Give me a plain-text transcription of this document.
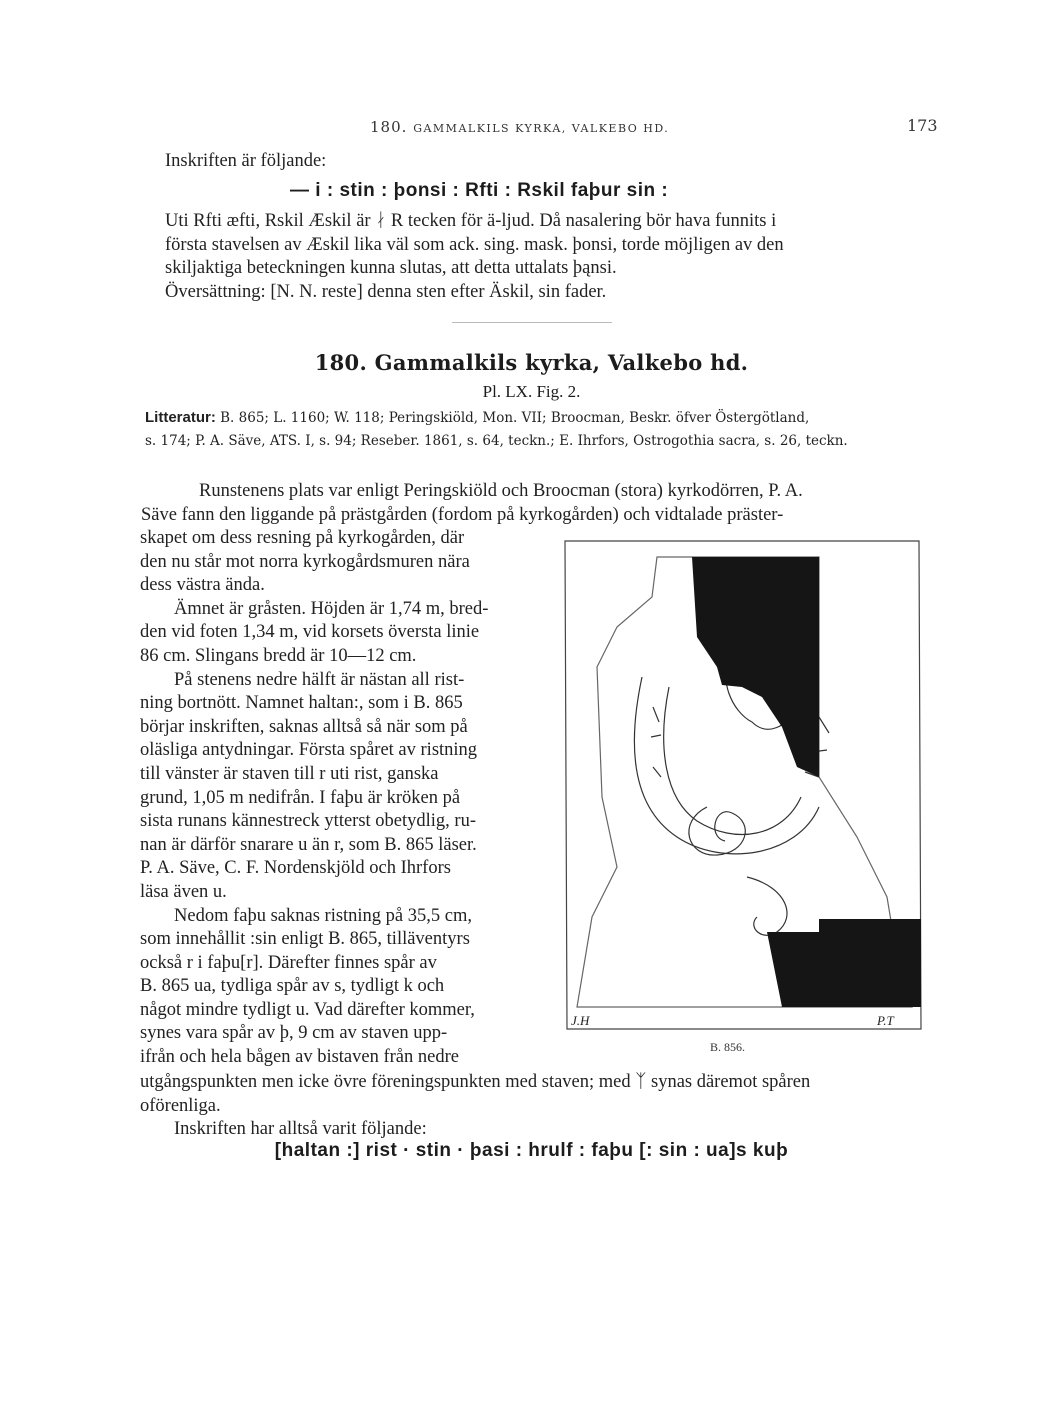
180. GAMMALKILS KYRKA, VALKEBO HD.	173
Inskriften är följande:
— i : stin : þonsi : Rfti : Rskil faþur sin :
Uti Rfti æfti, Rskil Æskil är ᛅ R tecken för ä-ljud. Då nasalering bör hava funnits i
första stavelsen av Æskil lika väl som ack. sing. mask. þonsi, torde möjligen av den
skiljaktiga beteckningen kunna slutas, att detta uttalats þąnsi.
Översättning: [N. N. reste] denna sten efter Äskil, sin fader.
180. Gammalkils kyrka, Valkebo hd.
Pl. LX. Fig. 2.
Litteratur: B. 865; L. 1160; W. 118; Peringskiöld, Mon. VII; Broocman, Beskr. öfver Östergötland,
s. 174; P. A. Säve, ATS. I, s. 94; Reseber. 1861, s. 64, teckn.; E. Ihrfors, Ostrogothia sacra, s. 26, teckn.
Runstenens plats var enligt Peringskiöld och Broocman (stora) kyrkodörren, P. A.
Säve fann den liggande på prästgården (fordom på kyrkogården) och vidtalade präster-
skapet om dess resning på kyrkogården, där
den nu står mot norra kyrkogårdsmuren nära
dess västra ända.
Ämnet är gråsten. Höjden är 1,74 m, bred-
den vid foten 1,34 m, vid korsets översta linie
86 cm. Slingans bredd är 10—12 cm.
På stenens nedre hälft är nästan all rist-
ning bortnött. Namnet haltan:, som i B. 865
börjar inskriften, saknas alltså så när som på
oläsliga antydningar. Första spåret av ristning
till vänster är staven till r uti rist, ganska
grund, 1,05 m nedifrån. I faþu är kröken på
sista runans kännestreck ytterst obetydlig, ru-
nan är därför snarare u än r, som B. 865 läser.
P. A. Säve, C. F. Nordenskjöld och Ihrfors
läsa även u.
Nedom faþu saknas ristning på 35,5 cm,
som innehållit :sin enligt B. 865, tilläventyrs
också r i faþu[r]. Därefter finnes spår av
B. 865 ua, tydliga spår av s, tydligt k och
något mindre tydligt u. Vad därefter kommer,
synes vara spår av þ, 9 cm av staven upp-
ifrån och hela bågen av bistaven från nedre
utgångspunkten men icke övre föreningspunkten med staven; med ᛉ synas däremot spåren
oförenliga.
Inskriften har alltså varit följande:
[haltan :] rist · stin · þasi : hrulf : faþu [: sin : ua]s kuþ
J.H	P.T
B. 856.
